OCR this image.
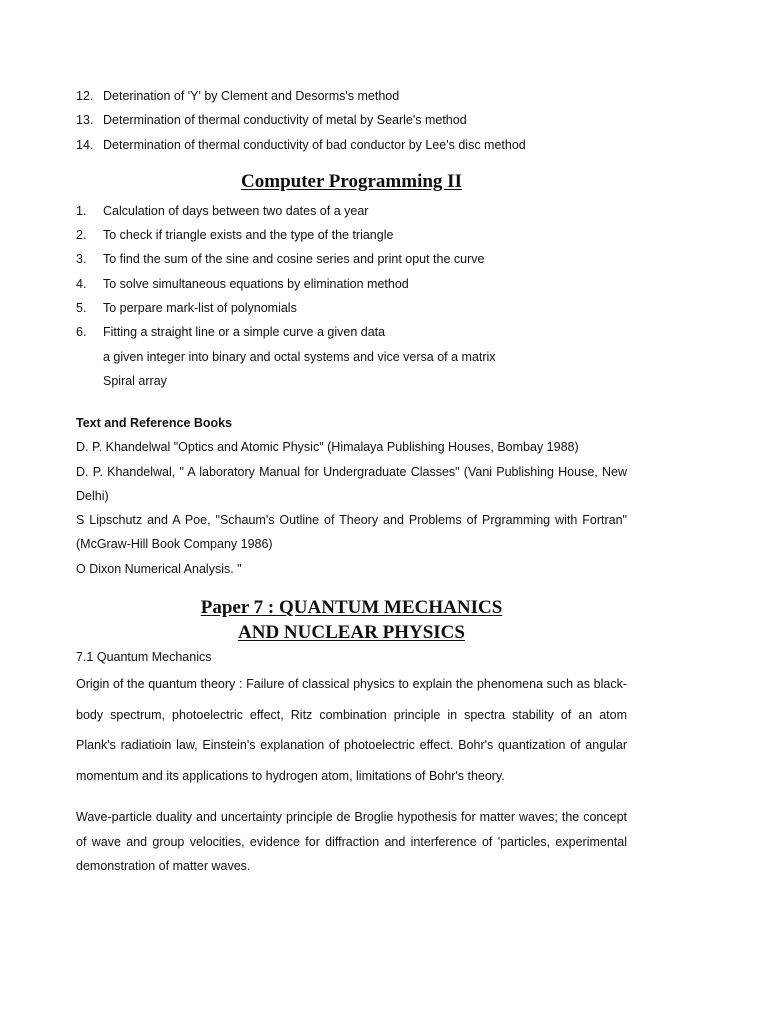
12. Deterination of 'Y' by Clement and Desorms's method
13. Determination of thermal conductivity of metal by Searle's method
14. Determination of thermal conductivity of bad conductor by Lee's disc method
Computer Programming II
1. Calculation of days between two dates of a year
2. To check if triangle exists and the type of the triangle
3. To find the sum of the sine and cosine series and print oput the curve
4. To solve simultaneous equations by elimination method
5. To perpare mark-list of polynomials
6. Fitting a straight line or a simple curve a given data
a given integer into binary and octal systems and vice versa of a matrix
Spiral array
Text and Reference Books
D. P. Khandelwal "Optics and Atomic Physic" (Himalaya Publishing Houses, Bombay 1988)
D. P. Khandelwal, " A laboratory Manual for Undergraduate Classes" (Vani Publishing House, New Delhi)
S Lipschutz and A Poe, "Schaum's Outline of Theory and Problems of Prgramming with Fortran" (McGraw-Hill Book Company 1986)
O Dixon Numerical Analysis. "
Paper 7 : QUANTUM MECHANICS
AND NUCLEAR PHYSICS
7.1 Quantum Mechanics
Origin of the quantum theory : Failure of classical physics to explain the phenomena such as black-body spectrum, photoelectric effect, Ritz combination principle in spectra stability of an atom Plank's radiatioin law, Einstein's explanation of photoelectric effect. Bohr's quantization of angular momentum and its applications to hydrogen atom, limitations of Bohr's theory.
Wave-particle duality and uncertainty principle de Broglie hypothesis for matter waves; the concept of wave and group velocities, evidence for diffraction and interference of 'particles, experimental demonstration of matter waves.
